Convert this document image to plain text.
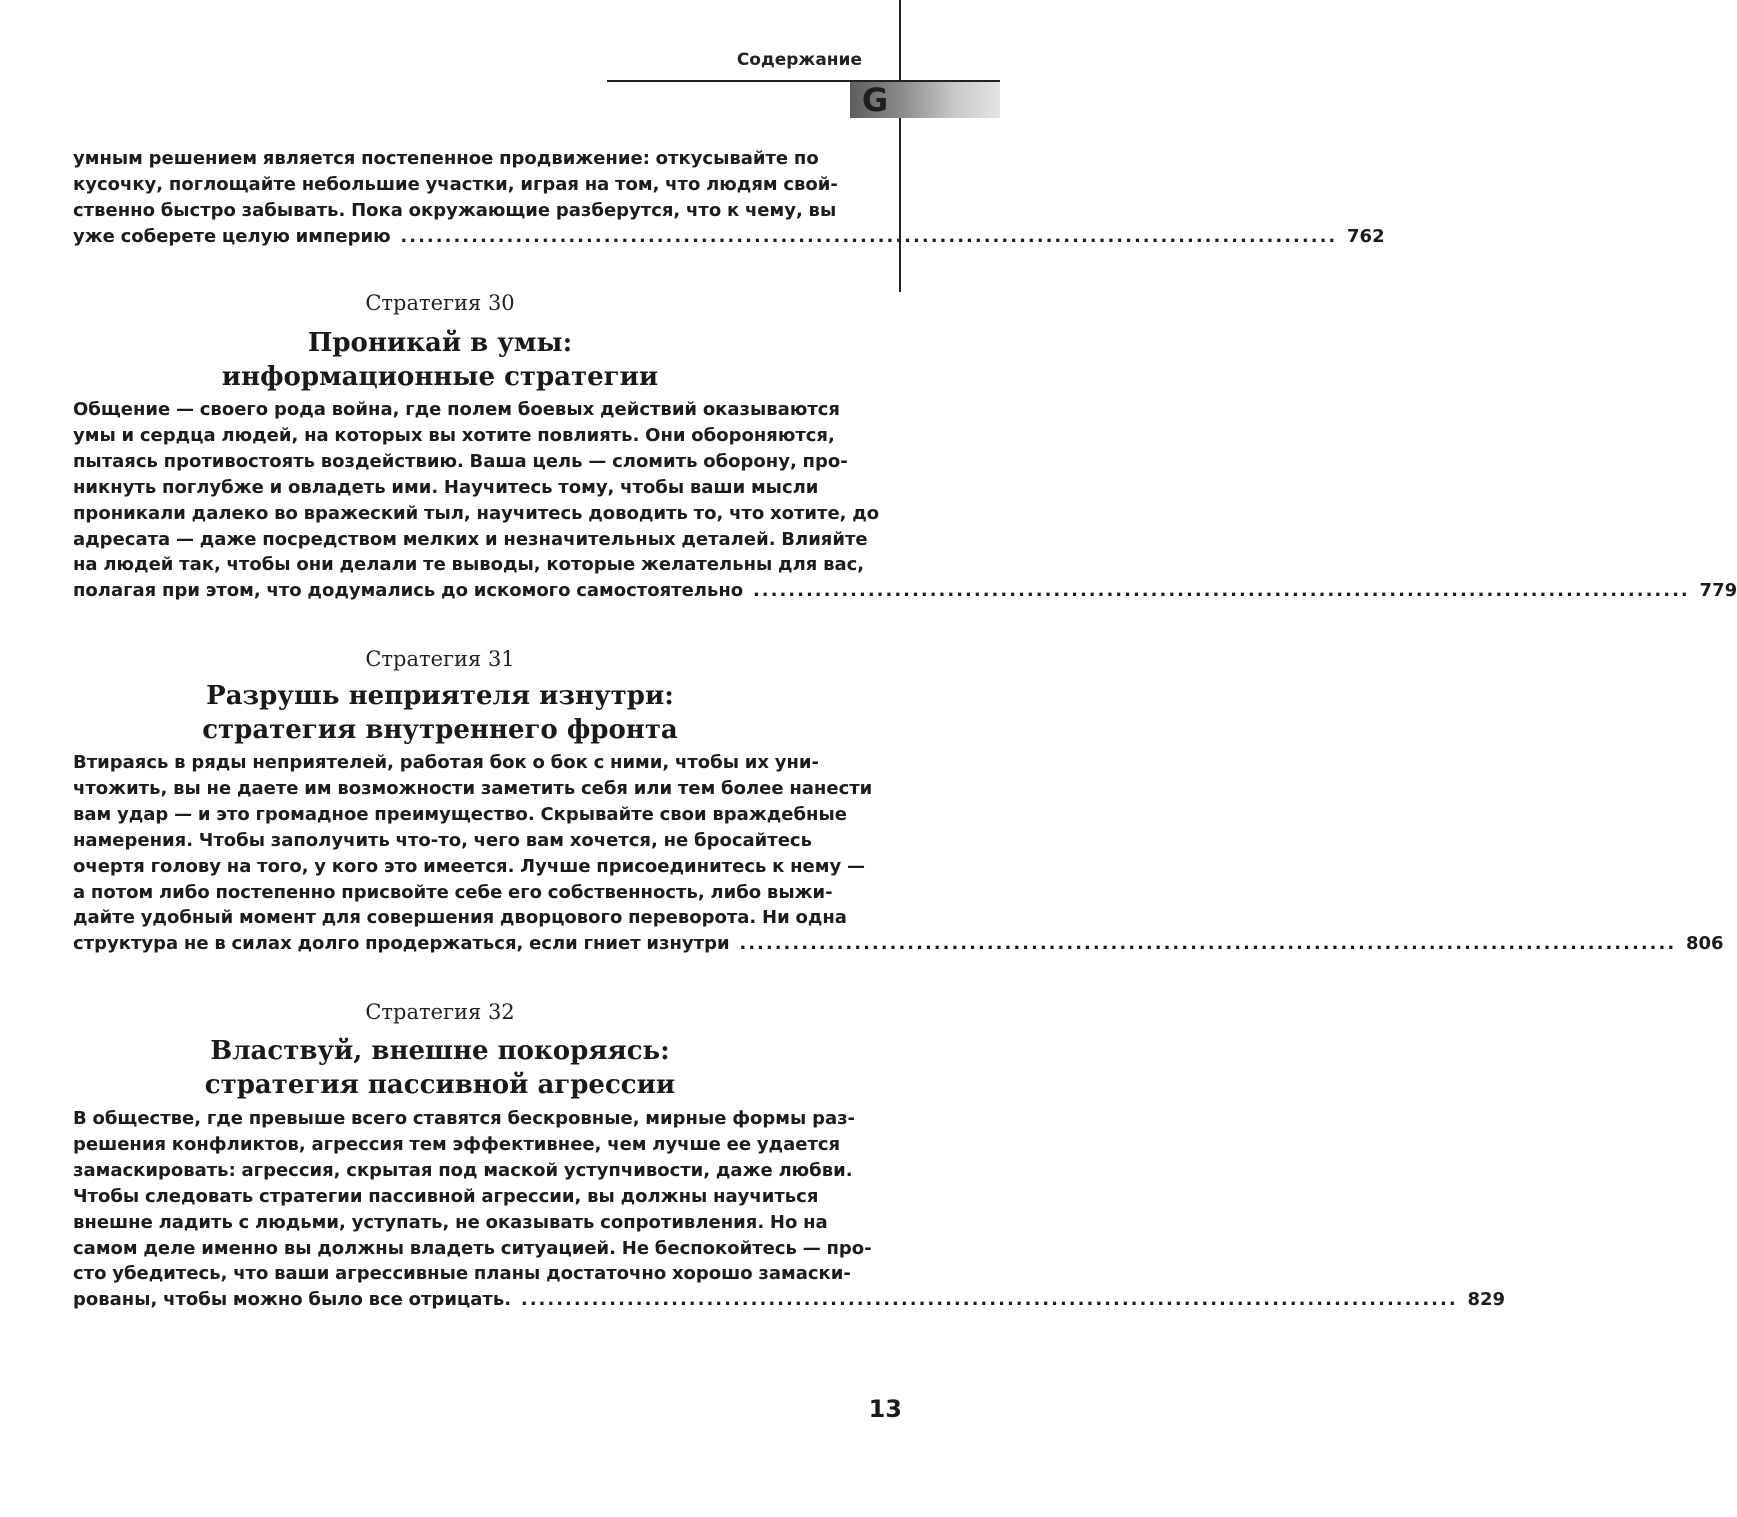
Содержание
G
умным решением является постепенное продвижение: откусывайте по
кусочку, поглощайте небольшие участки, играя на том, что людям свой-
ственно быстро забывать. Пока окружающие разберутся, что к чему, вы
уже соберете целую империю .......................................................................................................... 762
Стратегия 30
Проникай в умы:
информационные стратегии
Общение — своего рода война, где полем боевых действий оказываются
умы и сердца людей, на которых вы хотите повлиять. Они обороняются,
пытаясь противостоять воздействию. Ваша цель — сломить оборону, про-
никнуть поглубже и овладеть ими. Научитесь тому, чтобы ваши мысли
проникали далеко во вражеский тыл, научитесь доводить то, что хотите, до
адресата — даже посредством мелких и незначительных деталей. Влияйте
на людей так, чтобы они делали те выводы, которые желательны для вас,
полагая при этом, что додумались до искомого самостоятельно .......................................................................................................... 779
Стратегия 31
Разрушь неприятеля изнутри:
стратегия внутреннего фронта
Втираясь в ряды неприятелей, работая бок о бок с ними, чтобы их уни-
чтожить, вы не даете им возможности заметить себя или тем более нанести
вам удар — и это громадное преимущество. Скрывайте свои враждебные
намерения. Чтобы заполучить что-то, чего вам хочется, не бросайтесь
очертя голову на того, у кого это имеется. Лучше присоединитесь к нему —
а потом либо постепенно присвойте себе его собственность, либо выжи-
дайте удобный момент для совершения дворцового переворота. Ни одна
структура не в силах долго продержаться, если гниет изнутри .......................................................................................................... 806
Стратегия 32
Властвуй, внешне покоряясь:
стратегия пассивной агрессии
В обществе, где превыше всего ставятся бескровные, мирные формы раз-
решения конфликтов, агрессия тем эффективнее, чем лучше ее удается
замаскировать: агрессия, скрытая под маской уступчивости, даже любви.
Чтобы следовать стратегии пассивной агрессии, вы должны научиться
внешне ладить с людьми, уступать, не оказывать сопротивления. Но на
самом деле именно вы должны владеть ситуацией. Не беспокойтесь — про-
сто убедитесь, что ваши агрессивные планы достаточно хорошо замаски-
рованы, чтобы можно было все отрицать. .......................................................................................................... 829
13
